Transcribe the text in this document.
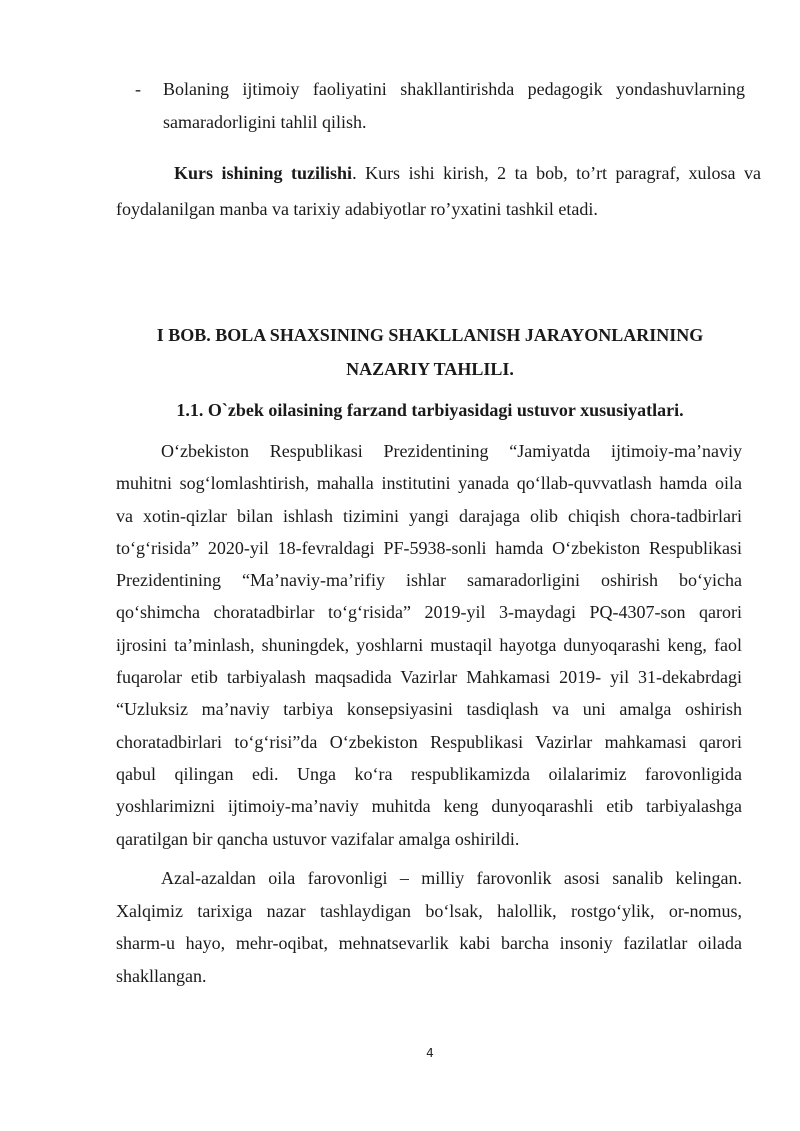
- Bolaning ijtimoiy faoliyatini shakllantirishda pedagogik yondashuvlarning
samaradorligini tahlil qilish.
Kurs ishining tuzilishi. Kurs ishi kirish, 2 ta bob, to’rt paragraf, xulosa va
foydalanilgan manba va tarixiy adabiyotlar ro’yxatini tashkil etadi.
I BOB. BOLA SHAXSINING SHAKLLANISH JARAYONLARINING
NAZARIY TAHLILI.
1.1. O`zbek oilasining farzand tarbiyasidagi ustuvor xususiyatlari.
O‘zbekiston Respublikasi Prezidentining “Jamiyatda ijtimoiy-ma’naviy
muhitni sog‘lomlashtirish, mahalla institutini yanada qo‘llab-quvvatlash hamda oila
va xotin-qizlar bilan ishlash tizimini yangi darajaga olib chiqish chora-tadbirlari
to‘g‘risida” 2020-yil 18-fevraldagi PF-5938-sonli hamda O‘zbekiston Respublikasi
Prezidentining “Ma’naviy-ma’rifiy ishlar samaradorligini oshirish bo‘yicha
qo‘shimcha choratadbirlar to‘g‘risida” 2019-yil 3-maydagi PQ-4307-son qarori
ijrosini ta’minlash, shuningdek, yoshlarni mustaqil hayotga dunyoqarashi keng, faol
fuqarolar etib tarbiyalash maqsadida Vazirlar Mahkamasi 2019- yil 31-dekabrdagi
“Uzluksiz ma’naviy tarbiya konsepsiyasini tasdiqlash va uni amalga oshirish
choratadbirlari to‘g‘risi”da O‘zbekiston Respublikasi Vazirlar mahkamasi qarori
qabul qilingan edi. Unga ko‘ra respublikamizda oilalarimiz farovonligida
yoshlarimizni ijtimoiy-ma’naviy muhitda keng dunyoqarashli etib tarbiyalashga
qaratilgan bir qancha ustuvor vazifalar amalga oshirildi.
Azal-azaldan oila farovonligi – milliy farovonlik asosi sanalib kelingan.
Xalqimiz tarixiga nazar tashlaydigan bo‘lsak, halollik, rostgo‘ylik, or-nomus,
sharm-u hayo, mehr-oqibat, mehnatsevarlik kabi barcha insoniy fazilatlar oilada
shakllangan.
4
